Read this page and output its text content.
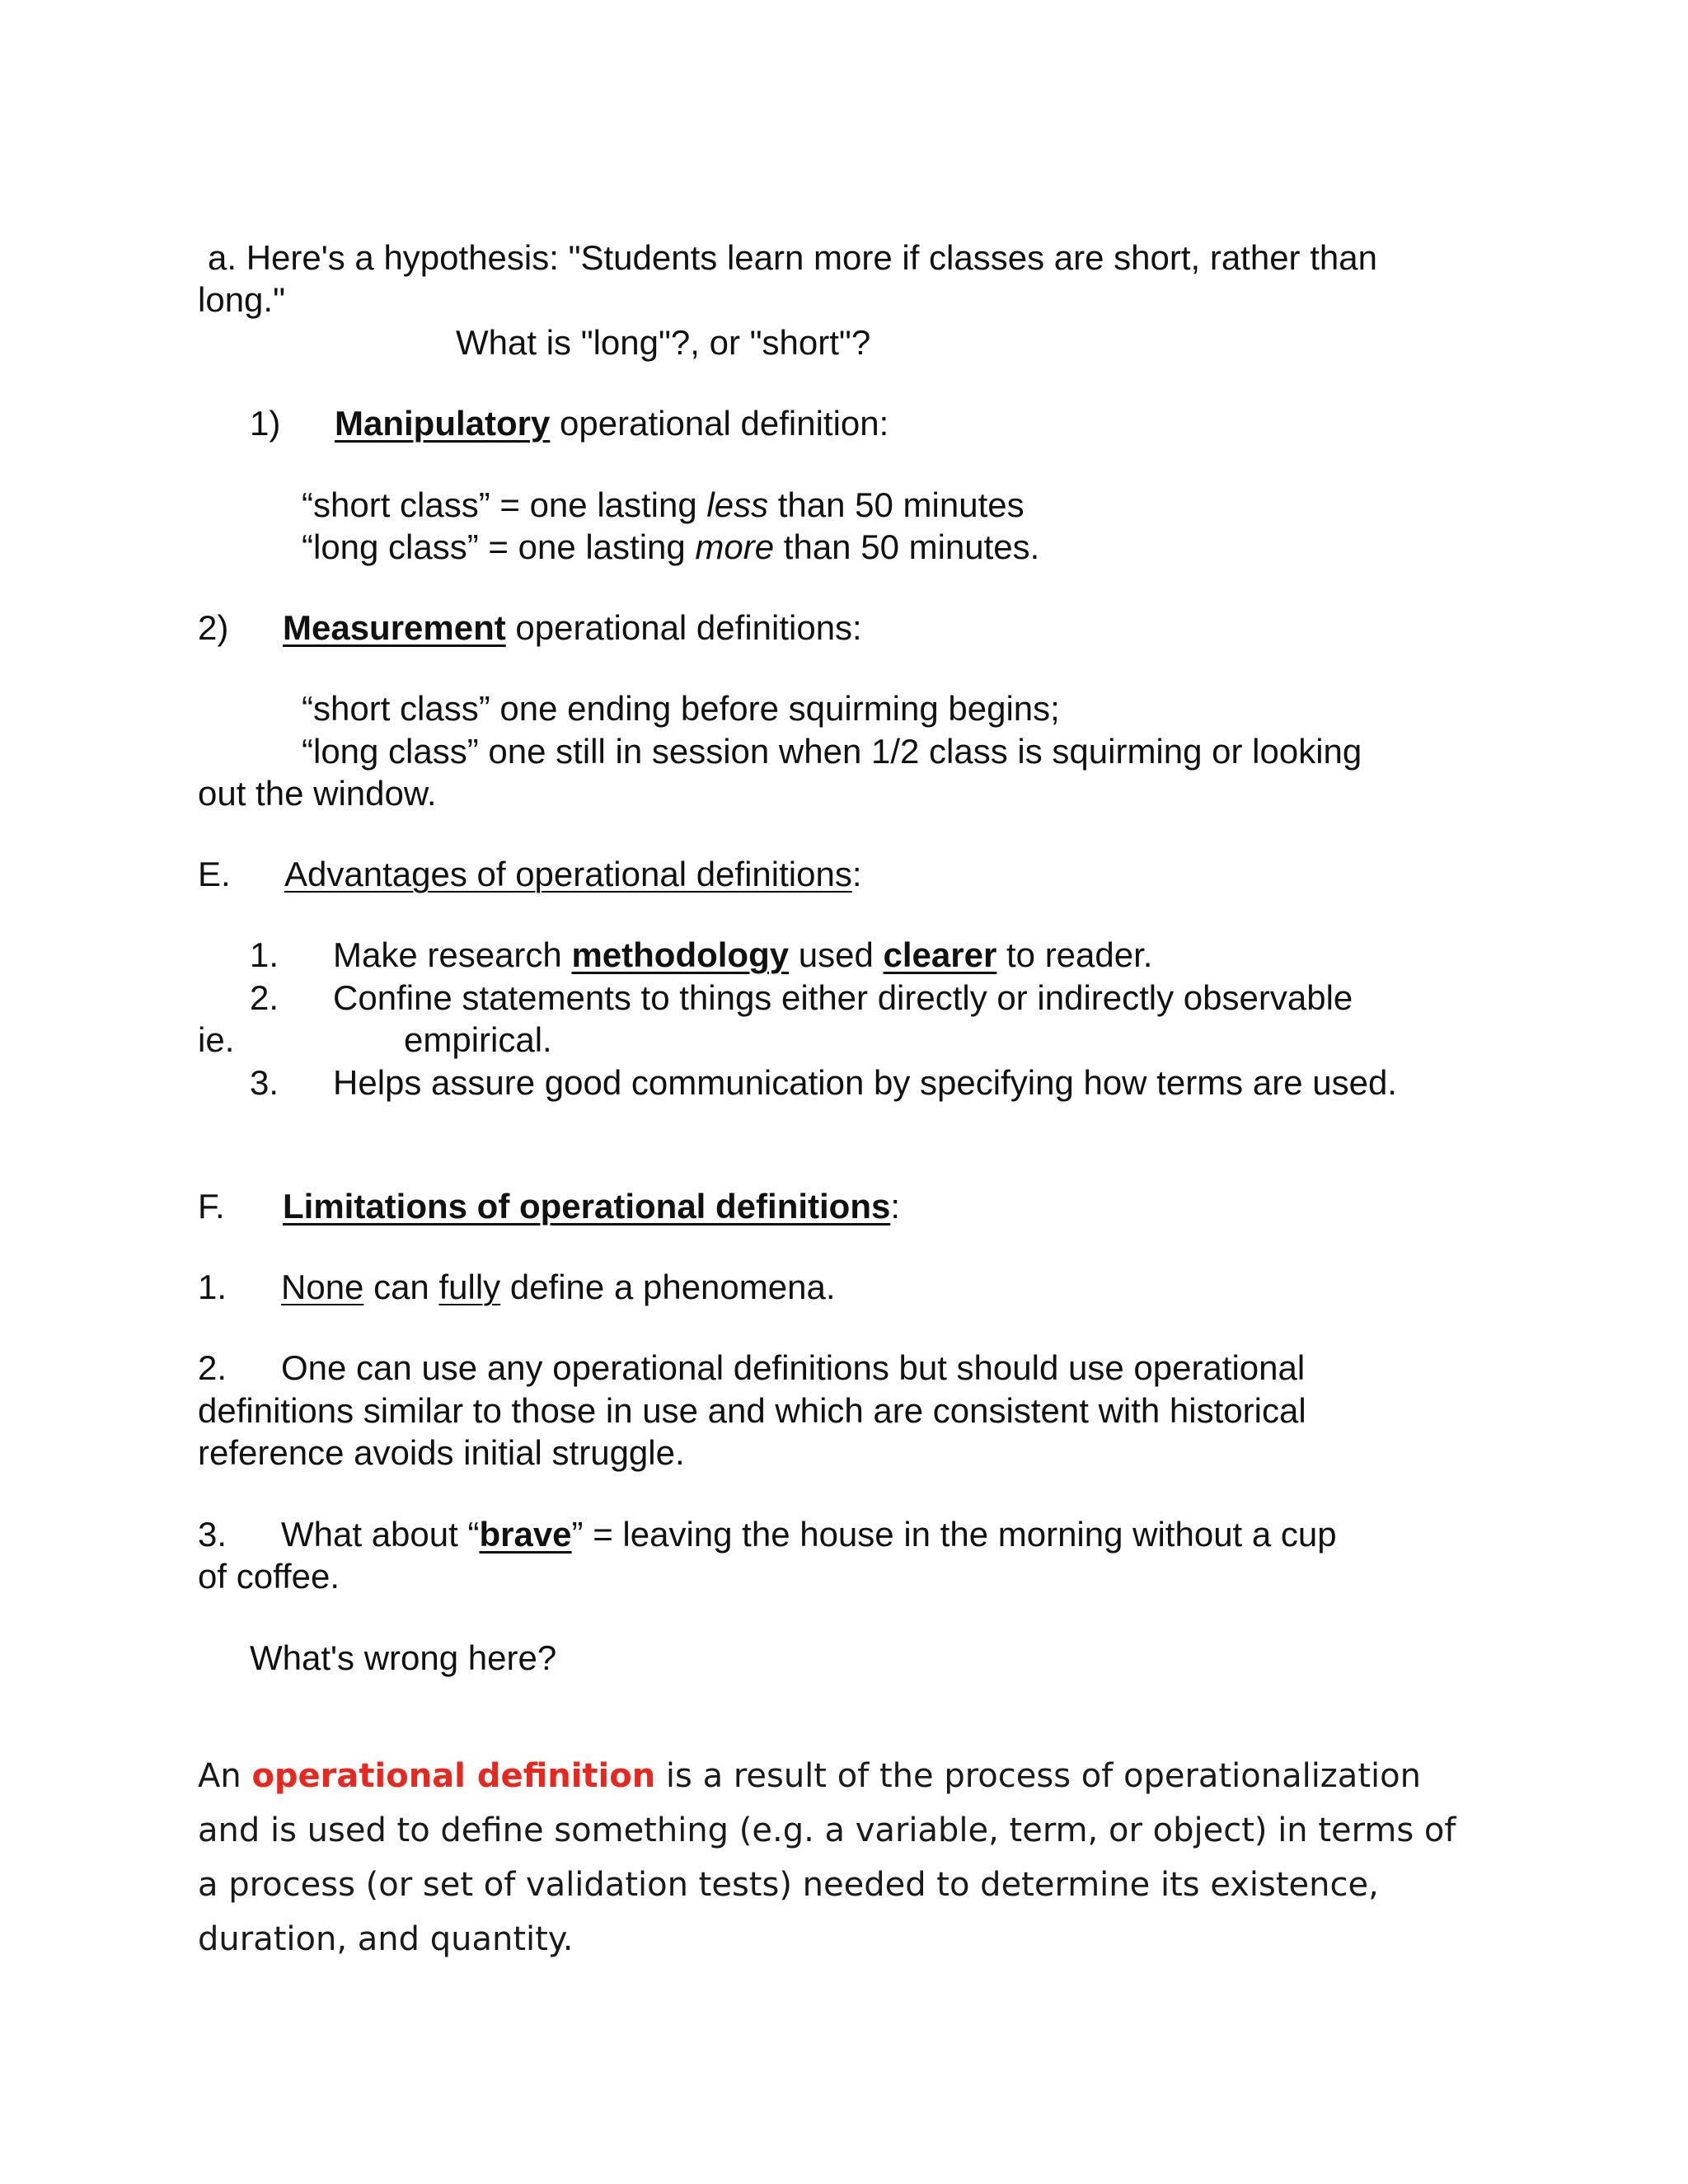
a. Here's a hypothesis: "Students learn more if classes are short, rather than
long."
What is "long"?, or "short"?
1) Manipulatory operational definition:
“short class” = one lasting less than 50 minutes
“long class” = one lasting more than 50 minutes.
2) Measurement operational definitions:
“short class” one ending before squirming begins;
“long class” one still in session when 1/2 class is squirming or looking
out the window.
E. Advantages of operational definitions:
1. Make research methodology used clearer to reader.
2. Confine statements to things either directly or indirectly observable
ie.	empirical.
3. Helps assure good communication by specifying how terms are used.
F. Limitations of operational definitions:
1. None can fully define a phenomena.
2. One can use any operational definitions but should use operational
definitions similar to those in use and which are consistent with historical
reference avoids initial struggle.
3. What about “brave” = leaving the house in the morning without a cup
of coffee.
What's wrong here?
An operational definition is a result of the process of operationalization and is used to define something (e.g. a variable, term, or object) in terms of a process (or set of validation tests) needed to determine its existence, duration, and quantity.
